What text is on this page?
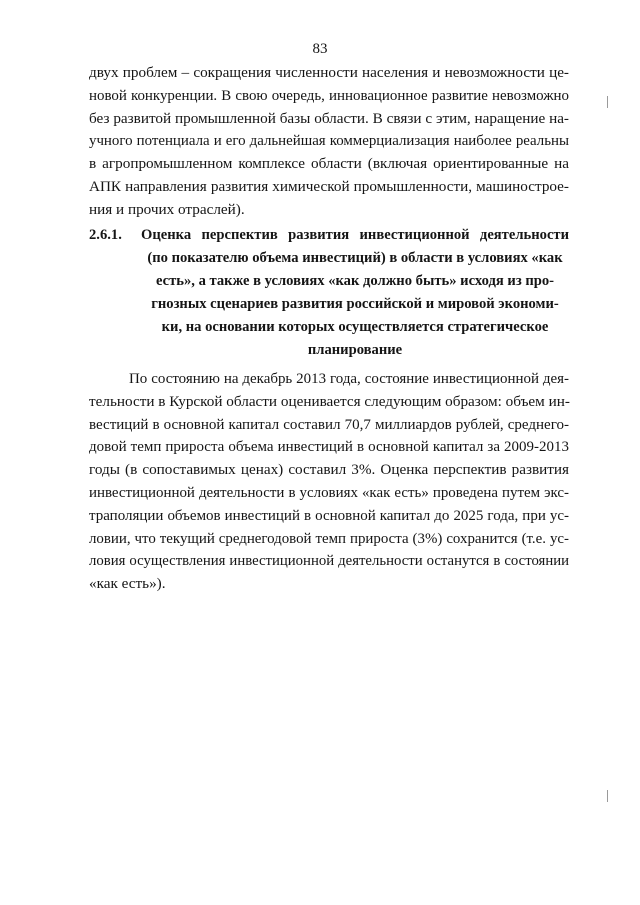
83
двух проблем – сокращения численности населения и невозможности це-
новой конкуренции. В свою очередь, инновационное развитие невозможно
без развитой промышленной базы области. В связи с этим, наращение на-
учного потенциала и его дальнейшая коммерциализация наиболее реальны
в агропромышленном комплексе области (включая ориентированные на
АПК направления развития химической промышленности, машинострое-
ния и прочих отраслей).
2.6.1. Оценка перспектив развития инвестиционной деятельности
(по показателю объема инвестиций) в области в условиях «как
есть», а также в условиях «как должно быть» исходя из про-
гнозных сценариев развития российской и мировой экономи-
ки, на основании которых осуществляется стратегическое
планирование
По состоянию на декабрь 2013 года, состояние инвестиционной дея-
тельности в Курской области оценивается следующим образом: объем ин-
вестиций в основной капитал составил 70,7 миллиардов рублей, среднего-
довой темп прироста объема инвестиций в основной капитал за 2009-2013
годы (в сопоставимых ценах) составил 3%. Оценка перспектив развития
инвестиционной деятельности в условиях «как есть» проведена путем экс-
траполяции объемов инвестиций в основной капитал до 2025 года, при ус-
ловии, что текущий среднегодовой темп прироста (3%) сохранится (т.е. ус-
ловия осуществления инвестиционной деятельности останутся в состоянии
«как есть»).
